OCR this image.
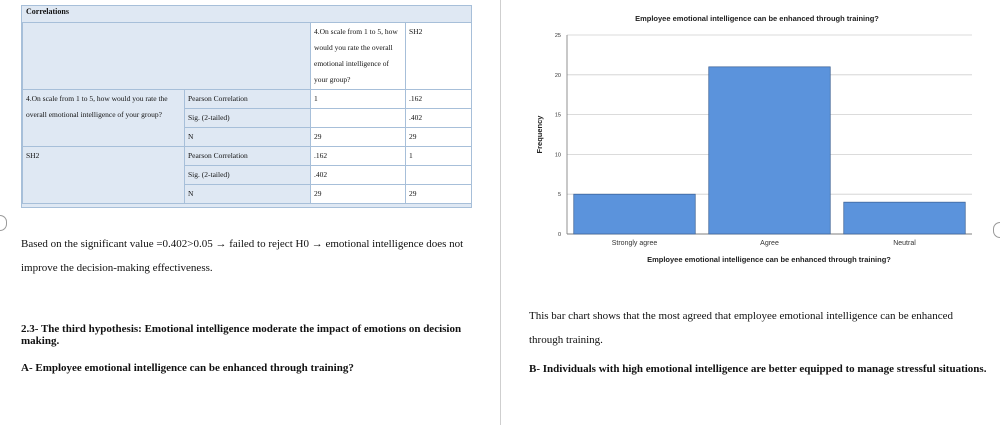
Correlations
		4.On scale from 1 to 5, how would you rate the overall emotional intelligence of your group?	SH2
4.On scale from 1 to 5, how would you rate the overall emotional intelligence of your group?	Pearson Correlation	1	.162
	Sig. (2-tailed)		.402
	N	29	29
SH2	Pearson Correlation	.162	1
	Sig. (2-tailed)	.402	
	N	29	29
Based on the significant value =0.402>0.05 → failed to reject H0 → emotional intelligence does not improve the decision-making effectiveness.
2.3- The third hypothesis: Emotional intelligence moderate the impact of emotions on decision making.
A- Employee emotional intelligence can be enhanced through training?
Employee emotional intelligence can be enhanced through training?
Frequency
Employee emotional intelligence can be enhanced through training?
0
5
10
15
20
25
Strongly agree	Agree	Neutral
This bar chart shows that the most agreed that employee emotional intelligence can be enhanced through training.
B- Individuals with high emotional intelligence are better equipped to manage stressful situations.
